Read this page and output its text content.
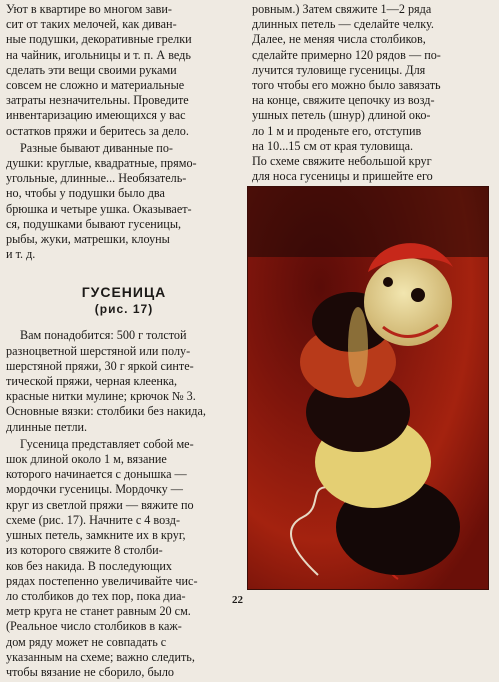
Уют в квартире во многом зави-
сит от таких мелочей, как диван-
ные подушки, декоративные грелки
на чайник, игольницы и т. п. А ведь
сделать эти вещи своими руками
совсем не сложно и материальные
затраты незначительны. Проведите
инвентаризацию имеющихся у вас
остатков пряжи и беритесь за дело.

Разные бывают диванные по-
душки: круглые, квадратные, прямо-
угольные, длинные... Необязатель-
но, чтобы у подушки было два
брюшка и четыре ушка. Оказывает-
ся, подушками бывают гусеницы,
рыбы, жуки, матрешки, клоуны
и т. д.

ГУСЕНИЦА
(рис. 17)

Вам понадобится: 500 г толстой
разноцветной шерстяной или полу-
шерстяной пряжи, 30 г яркой синте-
тической пряжи, черная клеенка,
красные нитки мулине; крючок № 3.
Основные вязки: столбики без накида,
длинные петли.

Гусеница представляет собой ме-
шок длиной около 1 м, вязание
которого начинается с донышка —
мордочки гусеницы. Мордочку —
круг из светлой пряжи — вяжите по
схеме (рис. 17). Начните с 4 возд-
ушных петель, замкните их в круг,
из которого свяжите 8 столби-
ков без накида. В последующих
рядах постепенно увеличивайте чис-
ло столбиков до тех пор, пока диа-
метр круга не станет равным 20 см.
(Реальное число столбиков в каж-
дом ряду может не совпадать с
указанным на схеме; важно следить,
чтобы вязание не сборило, было

ровным.) Затем свяжите 1—2 ряда
длинных петель — сделайте челку.
Далее, не меняя числа столбиков,
сделайте примерно 120 рядов — по-
лучится туловище гусеницы. Для
того чтобы его можно было завязать
на конце, свяжите цепочку из возд-
ушных петель (шнур) длиной око-
ло 1 м и проденьте его, отступив
на 10...15 см от края туловища.
По схеме свяжите небольшой круг
для носа гусеницы и пришейте его

22
